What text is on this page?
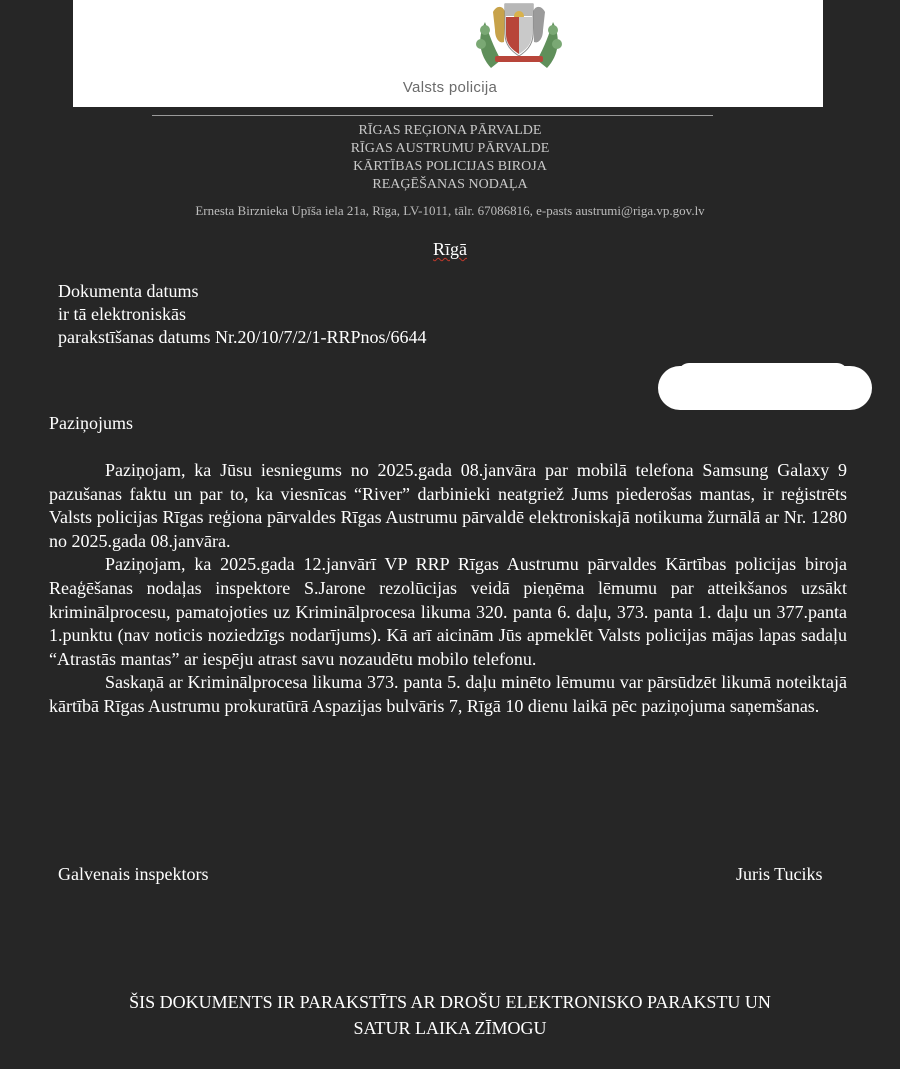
Valsts policija
RĪGAS REĢIONA PĀRVALDE
RĪGAS AUSTRUMU PĀRVALDE
KĀRTĪBAS POLICIJAS BIROJA
REAĢĒŠANAS NODAĻA
Ernesta Birznieka Upīša iela 21a, Rīga, LV-1011, tālr. 67086816, e-pasts austrumi@riga.vp.gov.lv
Rīgā
Dokumenta datums
ir tā elektroniskās
parakstīšanas datums Nr.20/10/7/2/1-RRPnos/6644
Paziņojums

Paziņojam, ka Jūsu iesniegums no 2025.gada 08.janvāra par mobilā telefona Samsung Galaxy 9 pazušanas faktu un par to, ka viesnīcas “River” darbinieki neatgriež Jums piederošas mantas, ir reģistrēts Valsts policijas Rīgas reģiona pārvaldes Rīgas Austrumu pārvaldē elektroniskajā notikuma žurnālā ar Nr. 1280 no 2025.gada 08.janvāra.

Paziņojam, ka 2025.gada 12.janvārī VP RRP Rīgas Austrumu pārvaldes Kārtības policijas biroja Reaģēšanas nodaļas inspektore S.Jarone rezolūcijas veidā pieņēma lēmumu par atteikšanos uzsākt kriminālprocesu, pamatojoties uz Kriminālprocesa likuma 320. panta 6. daļu, 373. panta 1. daļu un 377.panta 1.punktu (nav noticis noziedzīgs nodarījums). Kā arī aicinām Jūs apmeklēt Valsts policijas mājas lapas sadaļu “Atrastās mantas” ar iespēju atrast savu nozaudētu mobilo telefonu.

Saskaņā ar Kriminālprocesa likuma 373. panta 5. daļu minēto lēmumu var pārsūdzēt likumā noteiktajā kārtībā Rīgas Austrumu prokuratūrā Aspazijas bulvāris 7, Rīgā 10 dienu laikā pēc paziņojuma saņemšanas.

Galvenais inspektors	Juris Tuciks
ŠIS DOKUMENTS IR PARAKSTĪTS AR DROŠU ELEKTRONISKO PARAKSTU UN
SATUR LAIKA ZĪMOGU
